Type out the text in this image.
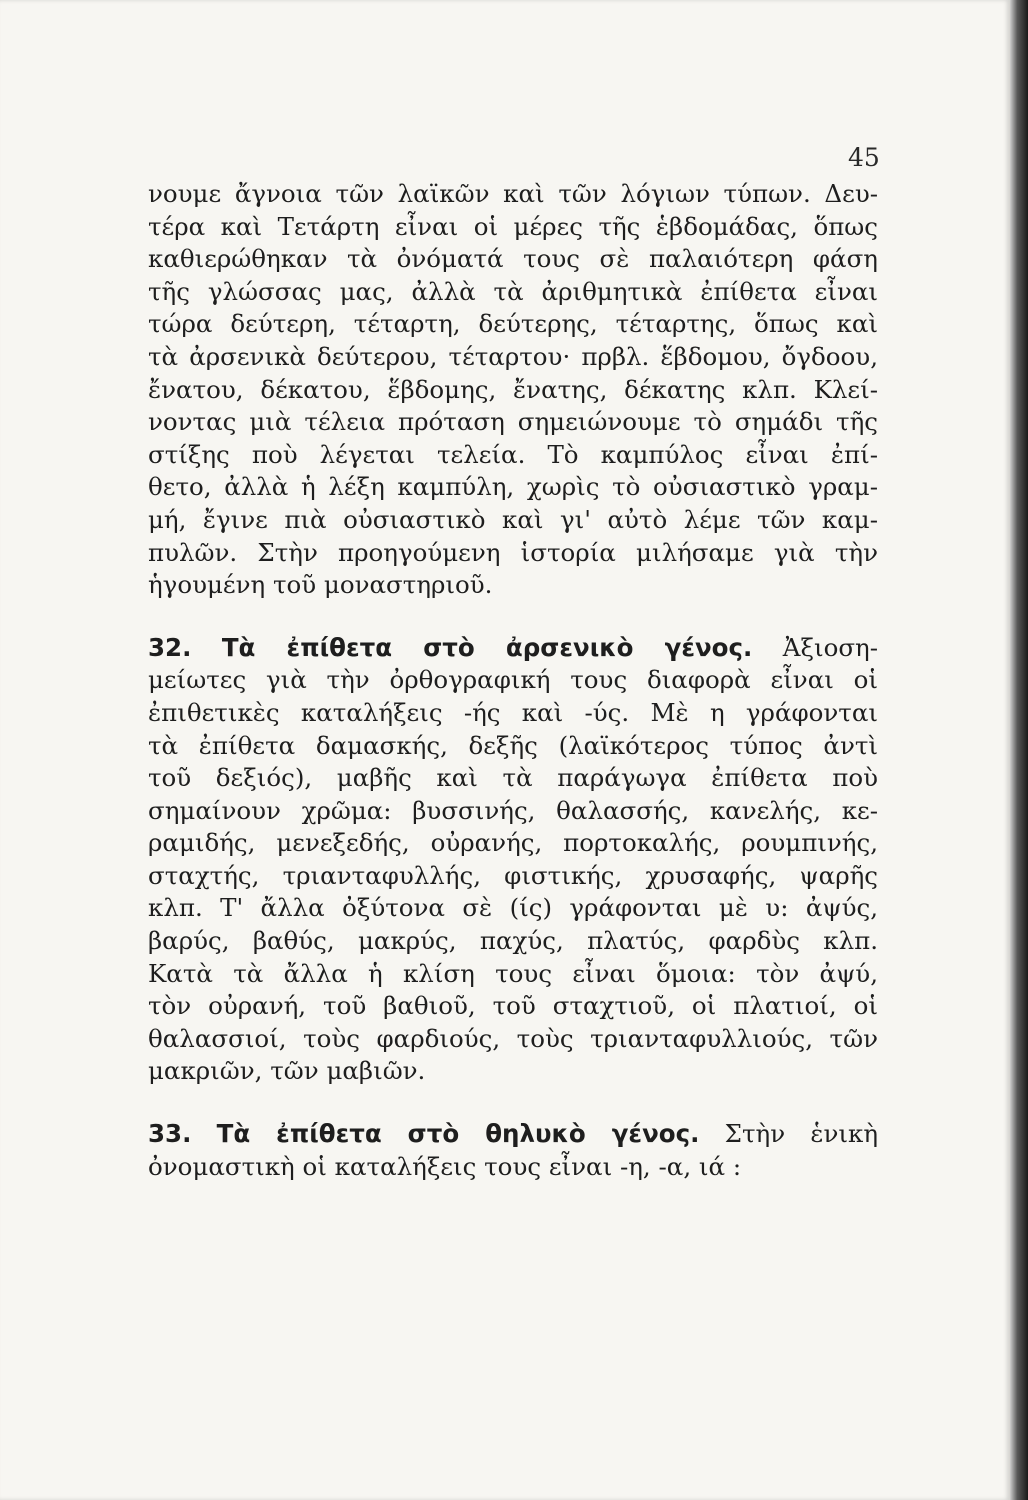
45
νουμε ἄγνοια τῶν λαϊκῶν καὶ τῶν λόγιων τύπων. Δευ-
τέρα καὶ Τετάρτη εἶναι οἱ μέρες τῆς ἑβδομάδας, ὅπως
καθιερώθηκαν τὰ ὀνόματά τους σὲ παλαιότερη φάση
τῆς γλώσσας μας, ἀλλὰ τὰ ἀριθμητικὰ ἐπίθετα εἶναι
τώρα δεύτερη, τέταρτη, δεύτερης, τέταρτης, ὅπως καὶ
τὰ ἀρσενικὰ δεύτερου, τέταρτου· πρβλ. ἕβδομου, ὄγδοου,
ἔνατου, δέκατου, ἕβδομης, ἔνατης, δέκατης κλπ. Κλεί-
νοντας μιὰ τέλεια πρόταση σημειώνουμε τὸ σημάδι τῆς
στίξης ποὺ λέγεται τελεία. Τὸ καμπύλος εἶναι ἐπί-
θετο, ἀλλὰ ἡ λέξη καμπύλη, χωρὶς τὸ οὐσιαστικὸ γραμ-
μή, ἔγινε πιὰ οὐσιαστικὸ καὶ γι' αὐτὸ λέμε τῶν καμ-
πυλῶν. Στὴν προηγούμενη ἱστορία μιλήσαμε γιὰ τὴν
ἡγουμένη τοῦ μοναστηριοῦ.
32. Τὰ ἐπίθετα στὸ ἀρσενικὸ γένος. Ἀξιοση-
μείωτες γιὰ τὴν ὀρθογραφική τους διαφορὰ εἶναι οἱ
ἐπιθετικὲς καταλήξεις -ής καὶ -ύς. Μὲ η γράφονται
τὰ ἐπίθετα δαμασκής, δεξῆς (λαϊκότερος τύπος ἀντὶ
τοῦ δεξιός), μαβῆς καὶ τὰ παράγωγα ἐπίθετα ποὺ
σημαίνουν χρῶμα: βυσσινής, θαλασσής, κανελής, κε-
ραμιδής, μενεξεδής, οὐρανής, πορτοκαλής, ρουμπινής,
σταχτής, τριανταφυλλής, φιστικής, χρυσαφής, ψαρῆς
κλπ. Τ' ἄλλα ὀξύτονα σὲ (ίς) γράφονται μὲ υ: ἀψύς,
βαρύς, βαθύς, μακρύς, παχύς, πλατύς, φαρδὺς κλπ.
Κατὰ τὰ ἄλλα ἡ κλίση τους εἶναι ὅμοια: τὸν ἀψύ,
τὸν οὐρανή, τοῦ βαθιοῦ, τοῦ σταχτιοῦ, οἱ πλατιοί, οἱ
θαλασσιοί, τοὺς φαρδιούς, τοὺς τριανταφυλλιούς, τῶν
μακριῶν, τῶν μαβιῶν.
33. Τὰ ἐπίθετα στὸ θηλυκὸ γένος. Στὴν ἑνικὴ
ὀνομαστικὴ οἱ καταλήξεις τους εἶναι -η, -α, ιά :
